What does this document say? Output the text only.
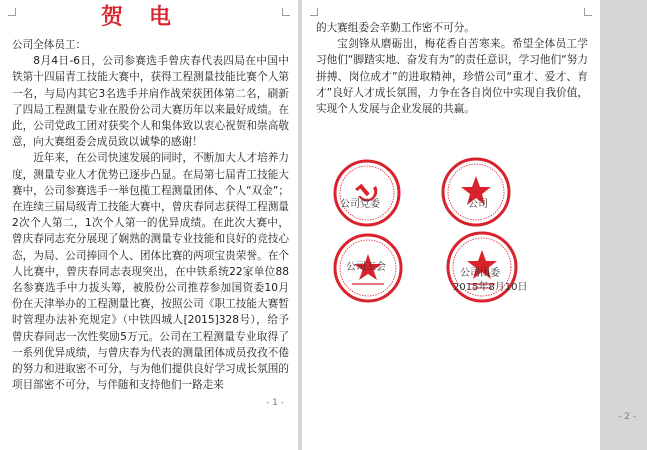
贺电

公司全体员工：

8月4日-6日，公司参赛选手曾庆春代表四局在中国中铁第十四届青工技能大赛中，获得工程测量技能比赛个人第一名，与局内其它3名选手并肩作战荣获团体第二名，刷新了四局工程测量专业在股份公司大赛历年以来最好成绩。在此，公司党政工团对获奖个人和集体致以衷心祝贺和崇高敬意，向大赛组委会成员致以诚挚的感谢！

近年来，在公司快速发展的同时，不断加大人才培养力度，测量专业人才优势已逐步凸显。在局第七届青工技能大赛中，公司参赛选手一举包揽工程测量团体、个人“双金”；在连续三届局级青工技能大赛中，曾庆春同志获得工程测量2次个人第二，1次个人第一的优异成绩。在此次大赛中，曾庆春同志充分展现了娴熟的测量专业技能和良好的竞技心态，为局、公司捧回个人、团体比赛的两项宝贵荣誉。在个人比赛中，曾庆春同志表现突出，在中铁系统22家单位88名参赛选手中力拔头筹，被股份公司推荐参加国资委10月份在天津举办的工程测量比赛，按照公司《职工技能大赛暂时管理办法补充规定》（中铁四城人[2015]328号），给予曾庆春同志一次性奖励5万元。公司在工程测量专业取得了一系列优异成绩，与曾庆春为代表的测量团体成员孜孜不倦的努力和进取密不可分，与为他们提供良好学习成长氛围的项目部密不可分，与伴随和支持他们一路走来

- 1 -

的大赛组委会辛勤工作密不可分。

宝剑锋从磨砺出，梅花香自苦寒来。希望全体员工学习他们“脚踏实地、奋发有为”的责任意识，学习他们“努力拼搏、岗位成才”的进取精神，珍惜公司“重才、爱才、育才”良好人才成长氛围，力争在各自岗位中实现自我价值，实现个人发展与企业发展的共赢。

公司党委	公司
公司工会
公司团委
2015年8月10日
- 2 -
